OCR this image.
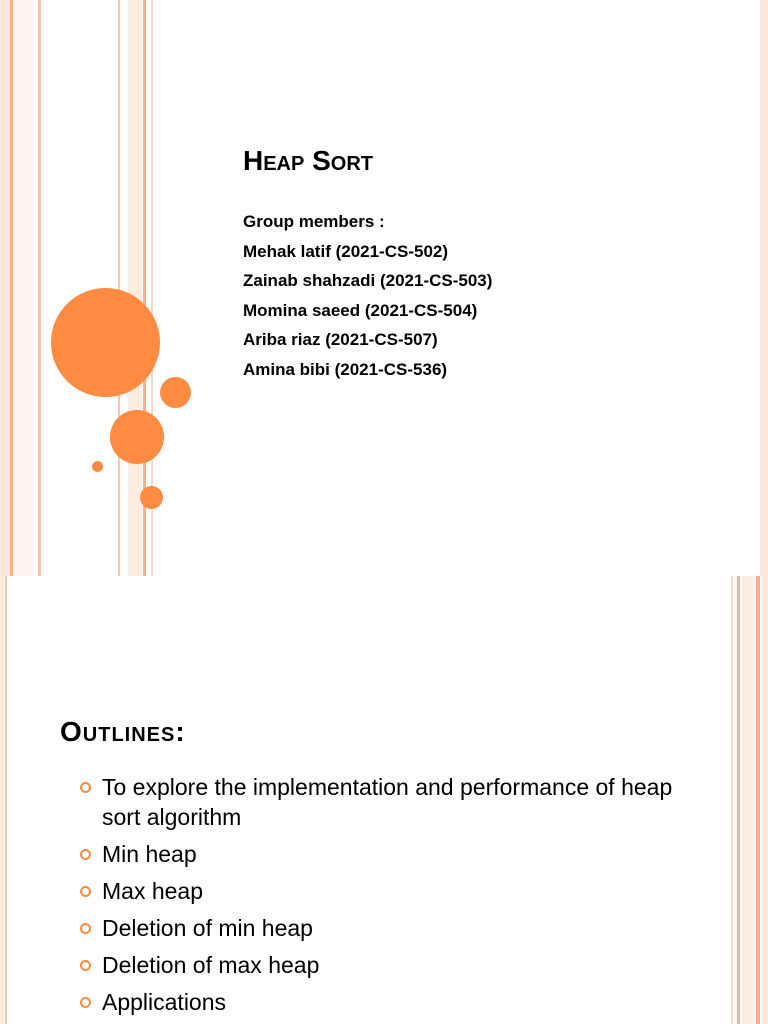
Heap Sort
Group members :
Mehak latif (2021-CS-502)
Zainab shahzadi (2021-CS-503)
Momina saeed (2021-CS-504)
Ariba riaz (2021-CS-507)
Amina bibi (2021-CS-536)
Outlines:
To explore the implementation and performance of heap sort algorithm
Min heap
Max heap
Deletion of min heap
Deletion of max heap
Applications
